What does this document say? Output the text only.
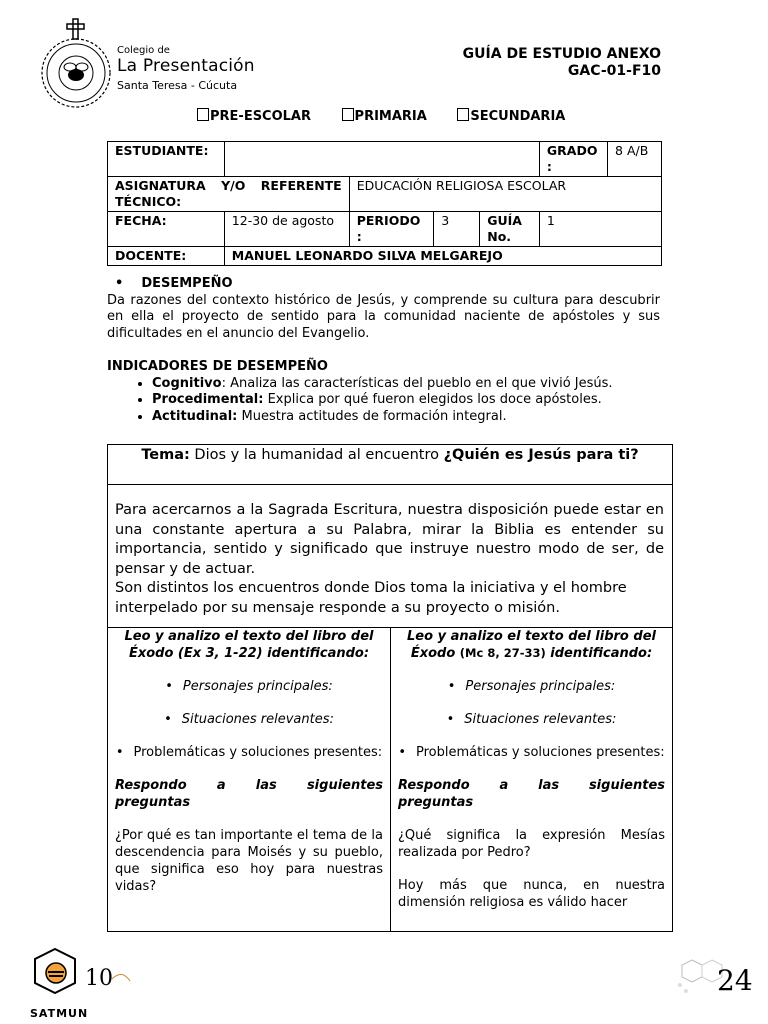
Colegio de
La Presentación
Santa Teresa - Cúcuta
GUÍA DE ESTUDIO ANEXO
GAC-01-F10
PRE-ESCOLAR	PRIMARIA	SECUNDARIA
ESTUDIANTE:					GRADO :	8 A/B
ASIGNATURA Y/O REFERENTE TÉCNICO:		EDUCACIÓN RELIGIOSA ESCOLAR				
FECHA:	12-30 de agosto	PERIODO :	3	GUÍA No.	1	
DOCENTE:	MANUEL LEONARDO SILVA MELGAREJO					
• DESEMPEÑO

Da razones del contexto histórico de Jesús, y comprende su cultura para descubrir en ella el proyecto de sentido para la comunidad naciente de apóstoles y sus dificultades en el anuncio del Evangelio.

INDICADORES DE DESEMPEÑO
• Cognitivo: Analiza las características del pueblo en el que vivió Jesús.
• Procedimental: Explica por qué fueron elegidos los doce apóstoles.
• Actitudinal: Muestra actitudes de formación integral.
Tema: Dios y la humanidad al encuentro ¿Quién es Jesús para ti?

Para acercarnos a la Sagrada Escritura, nuestra disposición puede estar en una constante apertura a su Palabra, mirar la Biblia es entender su importancia, sentido y significado que instruye nuestro modo de ser, de pensar y de actuar.

Son distintos los encuentros donde Dios toma la iniciativa y el hombre interpelado por su mensaje responde a su proyecto o misión.

Leo y analizo el texto del libro del Éxodo (Ex 3, 1-22) identificando:
• Personajes principales:
• Situaciones relevantes:
• Problemáticas y soluciones presentes:
Respondo a las siguientes
preguntas
¿Por qué es tan importante el tema de la descendencia para Moisés y su pueblo, que significa eso hoy para nuestras vidas?
Leo y analizo el texto del libro del Éxodo (Mc 8, 27-33) identificando:
• Personajes principales:
• Situaciones relevantes:
• Problemáticas y soluciones presentes:
Respondo a las siguientes
preguntas
¿Qué significa la expresión Mesías realizada por Pedro?
Hoy más que nunca, en nuestra dimensión religiosa es válido hacer
10
SATMUN
24
